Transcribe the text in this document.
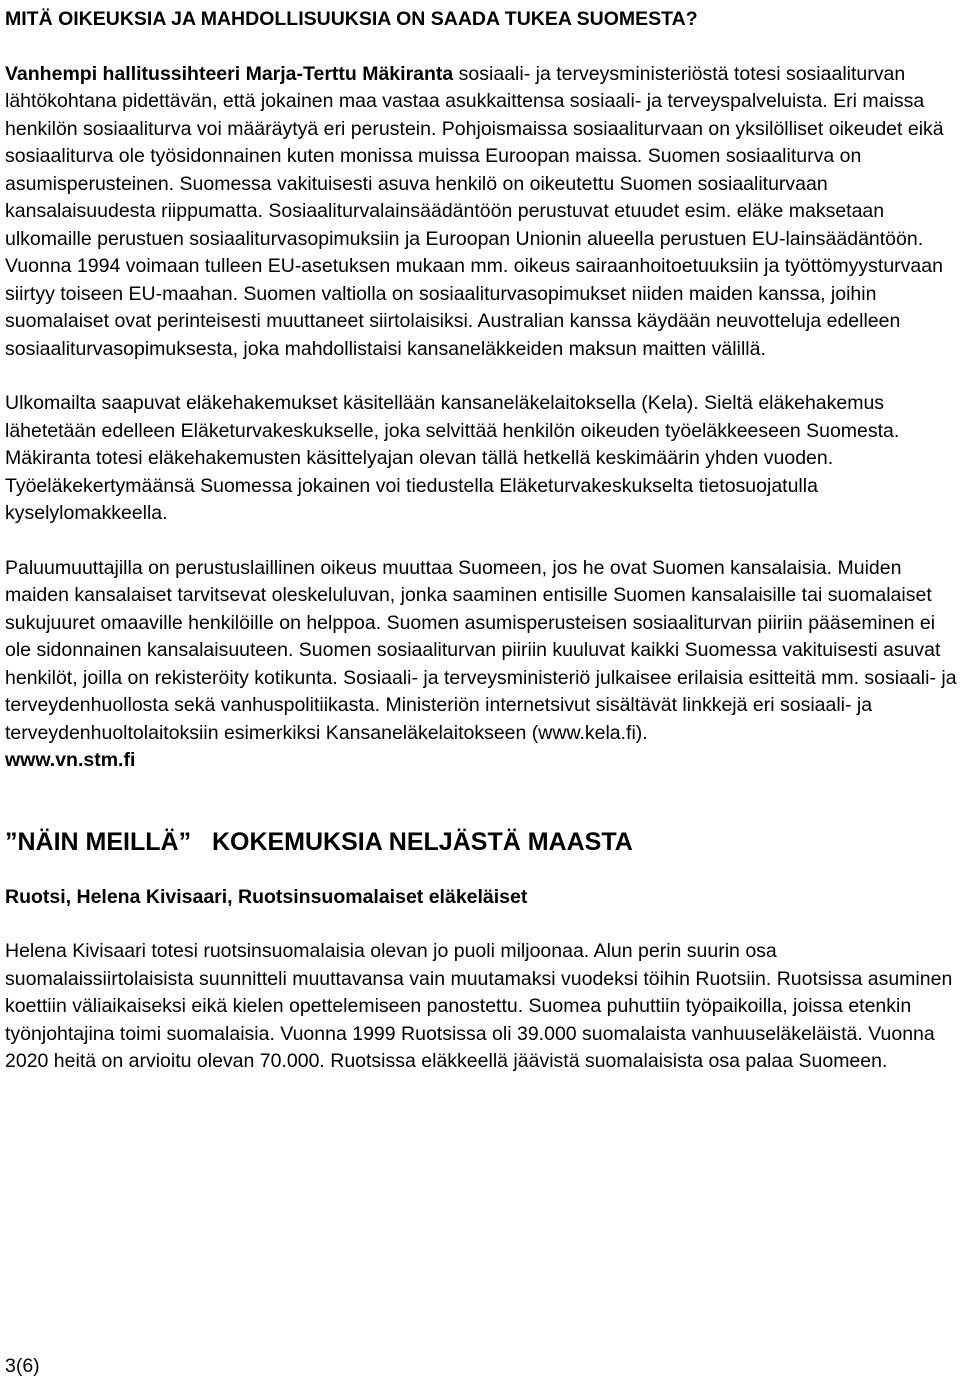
MITÄ OIKEUKSIA JA MAHDOLLISUUKSIA ON SAADA TUKEA SUOMESTA?

Vanhempi hallitussihteeri Marja-Terttu Mäkiranta sosiaali- ja terveysministeriöstä totesi sosiaaliturvan lähtökohtana pidettävän, että jokainen maa vastaa asukkaittensa sosiaali- ja terveyspalveluista. Eri maissa henkilön sosiaaliturva voi määräytyä eri perustein. Pohjoismaissa sosiaaliturvaan on yksilölliset oikeudet eikä sosiaaliturva ole työsidonnainen kuten monissa muissa Euroopan maissa. Suomen sosiaaliturva on asumisperusteinen. Suomessa vakituisesti asuva henkilö on oikeutettu Suomen sosiaaliturvaan kansalaisuudesta riippumatta. Sosiaaliturvalainsäädäntöön perustuvat etuudet esim. eläke maksetaan ulkomaille perustuen sosiaaliturvasopimuksiin ja Euroopan Unionin alueella perustuen EU-lainsäädäntöön. Vuonna 1994 voimaan tulleen EU-asetuksen mukaan mm. oikeus sairaanhoitoetuuksiin ja työttömyysturvaan siirtyy toiseen EU-maahan. Suomen valtiolla on sosiaaliturvasopimukset niiden maiden kanssa, joihin suomalaiset ovat perinteisesti muuttaneet siirtolaisiksi. Australian kanssa käydään neuvotteluja edelleen sosiaaliturvasopimuksesta, joka mahdollistaisi kansaneläkkeiden maksun maitten välillä.

Ulkomailta saapuvat eläkehakemukset käsitellään kansaneläkelaitoksella (Kela). Sieltä eläkehakemus lähetetään edelleen Eläketurvakeskukselle, joka selvittää henkilön oikeuden työeläkkeeseen Suomesta. Mäkiranta totesi eläkehakemusten käsittelyajan olevan tällä hetkellä keskimäärin yhden vuoden. Työeläkekertymäänsä Suomessa jokainen voi tiedustella Eläketurvakeskukselta tietosuojatulla kyselylomakkeella.

Paluumuuttajilla on perustuslaillinen oikeus muuttaa Suomeen, jos he ovat Suomen kansalaisia. Muiden maiden kansalaiset tarvitsevat oleskeluluvan, jonka saaminen entisille Suomen kansalaisille tai suomalaiset sukujuuret omaaville henkilöille on helppoa. Suomen asumisperusteisen sosiaaliturvan piiriin pääseminen ei ole sidonnainen kansalaisuuteen. Suomen sosiaaliturvan piiriin kuuluvat kaikki Suomessa vakituisesti asuvat henkilöt, joilla on rekisteröity kotikunta. Sosiaali- ja terveysministeriö julkaisee erilaisia esitteitä mm. sosiaali- ja terveydenhuollosta sekä vanhuspolitiikasta. Ministeriön internetsivut sisältävät linkkejä eri sosiaali- ja terveydenhuoltolaitoksiin esimerkiksi Kansaneläkelaitokseen (www.kela.fi).

www.vn.stm.fi

”NÄIN MEILLÄ” KOKEMUKSIA NELJÄSTÄ MAASTA

Ruotsi, Helena Kivisaari, Ruotsinsuomalaiset eläkeläiset

Helena Kivisaari totesi ruotsinsuomalaisia olevan jo puoli miljoonaa. Alun perin suurin osa suomalaissiirtolaisista suunnitteli muuttavansa vain muutamaksi vuodeksi töihin Ruotsiin. Ruotsissa asuminen koettiin väliaikaiseksi eikä kielen opettelemiseen panostettu. Suomea puhuttiin työpaikoilla, joissa etenkin työnjohtajina toimi suomalaisia. Vuonna 1999 Ruotsissa oli 39.000 suomalaista vanhuuseläkeläistä. Vuonna 2020 heitä on arvioitu olevan 70.000. Ruotsissa eläkkeellä jäävistä suomalaisista osa palaa Suomeen.

3(6)
